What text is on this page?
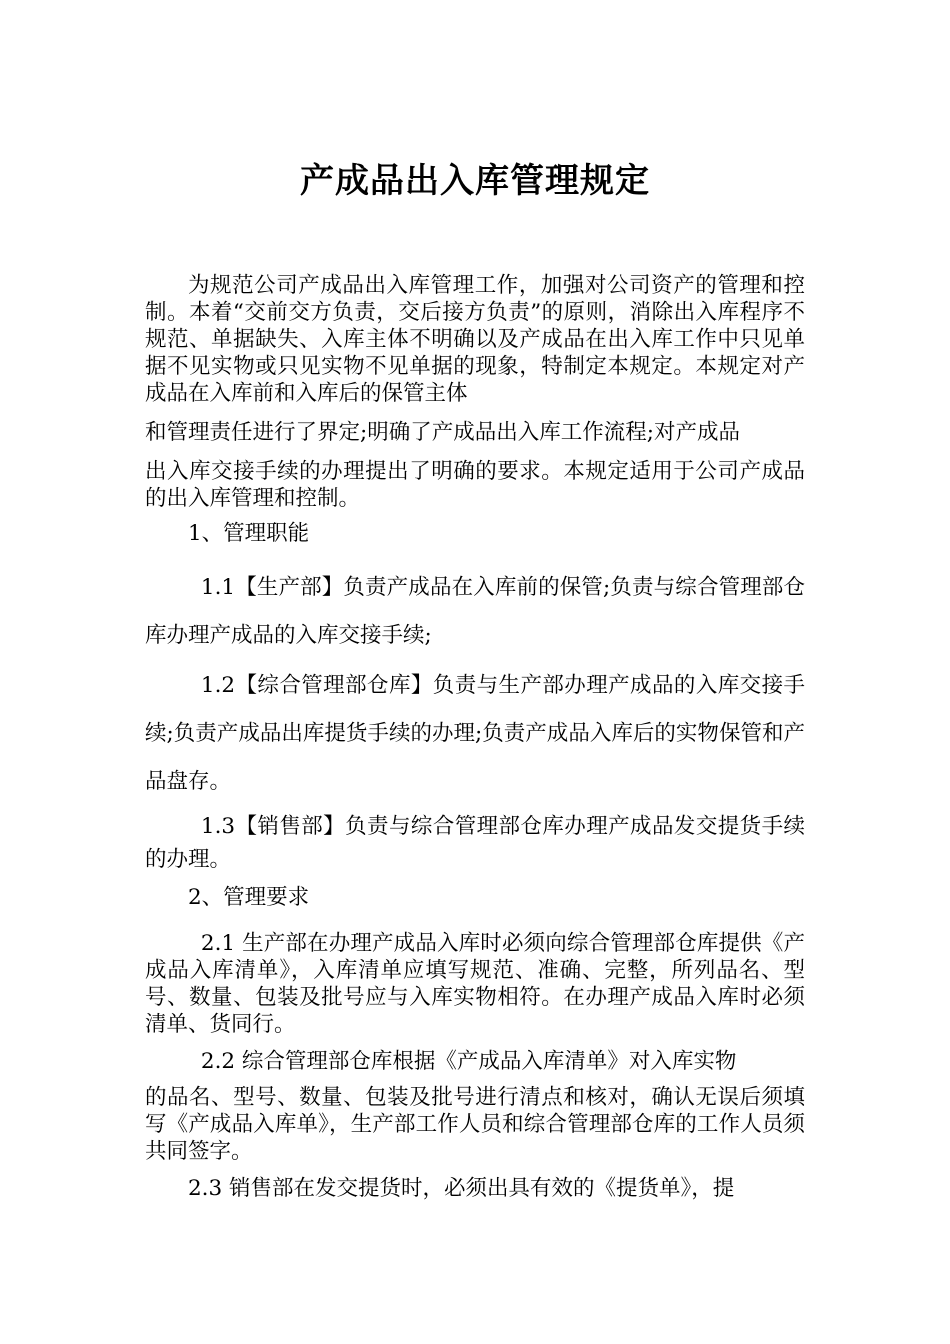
产成品出入库管理规定

为规范公司产成品出入库管理工作，加强对公司资产的管理和控制。本着“交前交方负责，交后接方负责”的原则，消除出入库程序不规范、单据缺失、入库主体不明确以及产成品在出入库工作中只见单据不见实物或只见实物不见单据的现象，特制定本规定。本规定对产成品在入库前和入库后的保管主体

和管理责任进行了界定;明确了产成品出入库工作流程;对产成品

出入库交接手续的办理提出了明确的要求。本规定适用于公司产成品的出入库管理和控制。

1、管理职能

1.1【生产部】负责产成品在入库前的保管;负责与综合管理部仓库办理产成品的入库交接手续;

1.2【综合管理部仓库】负责与生产部办理产成品的入库交接手续;负责产成品出库提货手续的办理;负责产成品入库后的实物保管和产品盘存。

1.3【销售部】负责与综合管理部仓库办理产成品发交提货手续的办理。

2、管理要求

2.1 生产部在办理产成品入库时必须向综合管理部仓库提供《产成品入库清单》，入库清单应填写规范、准确、完整，所列品名、型号、数量、包装及批号应与入库实物相符。在办理产成品入库时必须清单、货同行。

2.2 综合管理部仓库根据《产成品入库清单》对入库实物

的品名、型号、数量、包装及批号进行清点和核对，确认无误后须填写《产成品入库单》，生产部工作人员和综合管理部仓库的工作人员须共同签字。

2.3 销售部在发交提货时，必须出具有效的《提货单》，提
